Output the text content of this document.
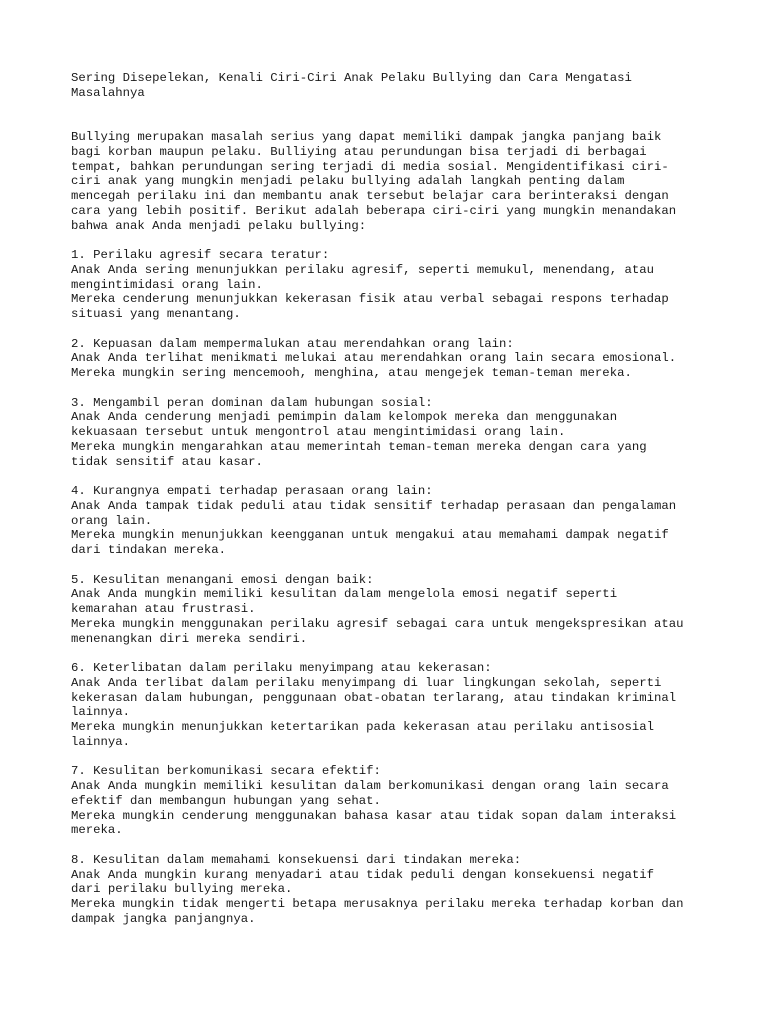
Sering Disepelekan, Kenali Ciri-Ciri Anak Pelaku Bullying dan Cara Mengatasi
Masalahnya
Bullying merupakan masalah serius yang dapat memiliki dampak jangka panjang baik
bagi korban maupun pelaku. Bulliying atau perundungan bisa terjadi di berbagai
tempat, bahkan perundungan sering terjadi di media sosial. Mengidentifikasi ciri-
ciri anak yang mungkin menjadi pelaku bullying adalah langkah penting dalam
mencegah perilaku ini dan membantu anak tersebut belajar cara berinteraksi dengan
cara yang lebih positif. Berikut adalah beberapa ciri-ciri yang mungkin menandakan
bahwa anak Anda menjadi pelaku bullying:
1. Perilaku agresif secara teratur:
Anak Anda sering menunjukkan perilaku agresif, seperti memukul, menendang, atau
mengintimidasi orang lain.
Mereka cenderung menunjukkan kekerasan fisik atau verbal sebagai respons terhadap
situasi yang menantang.
2. Kepuasan dalam mempermalukan atau merendahkan orang lain:
Anak Anda terlihat menikmati melukai atau merendahkan orang lain secara emosional.
Mereka mungkin sering mencemooh, menghina, atau mengejek teman-teman mereka.
3. Mengambil peran dominan dalam hubungan sosial:
Anak Anda cenderung menjadi pemimpin dalam kelompok mereka dan menggunakan
kekuasaan tersebut untuk mengontrol atau mengintimidasi orang lain.
Mereka mungkin mengarahkan atau memerintah teman-teman mereka dengan cara yang
tidak sensitif atau kasar.
4. Kurangnya empati terhadap perasaan orang lain:
Anak Anda tampak tidak peduli atau tidak sensitif terhadap perasaan dan pengalaman
orang lain.
Mereka mungkin menunjukkan keengganan untuk mengakui atau memahami dampak negatif
dari tindakan mereka.
5. Kesulitan menangani emosi dengan baik:
Anak Anda mungkin memiliki kesulitan dalam mengelola emosi negatif seperti
kemarahan atau frustrasi.
Mereka mungkin menggunakan perilaku agresif sebagai cara untuk mengekspresikan atau
menenangkan diri mereka sendiri.
6. Keterlibatan dalam perilaku menyimpang atau kekerasan:
Anak Anda terlibat dalam perilaku menyimpang di luar lingkungan sekolah, seperti
kekerasan dalam hubungan, penggunaan obat-obatan terlarang, atau tindakan kriminal
lainnya.
Mereka mungkin menunjukkan ketertarikan pada kekerasan atau perilaku antisosial
lainnya.
7. Kesulitan berkomunikasi secara efektif:
Anak Anda mungkin memiliki kesulitan dalam berkomunikasi dengan orang lain secara
efektif dan membangun hubungan yang sehat.
Mereka mungkin cenderung menggunakan bahasa kasar atau tidak sopan dalam interaksi
mereka.
8. Kesulitan dalam memahami konsekuensi dari tindakan mereka:
Anak Anda mungkin kurang menyadari atau tidak peduli dengan konsekuensi negatif
dari perilaku bullying mereka.
Mereka mungkin tidak mengerti betapa merusaknya perilaku mereka terhadap korban dan
dampak jangka panjangnya.
